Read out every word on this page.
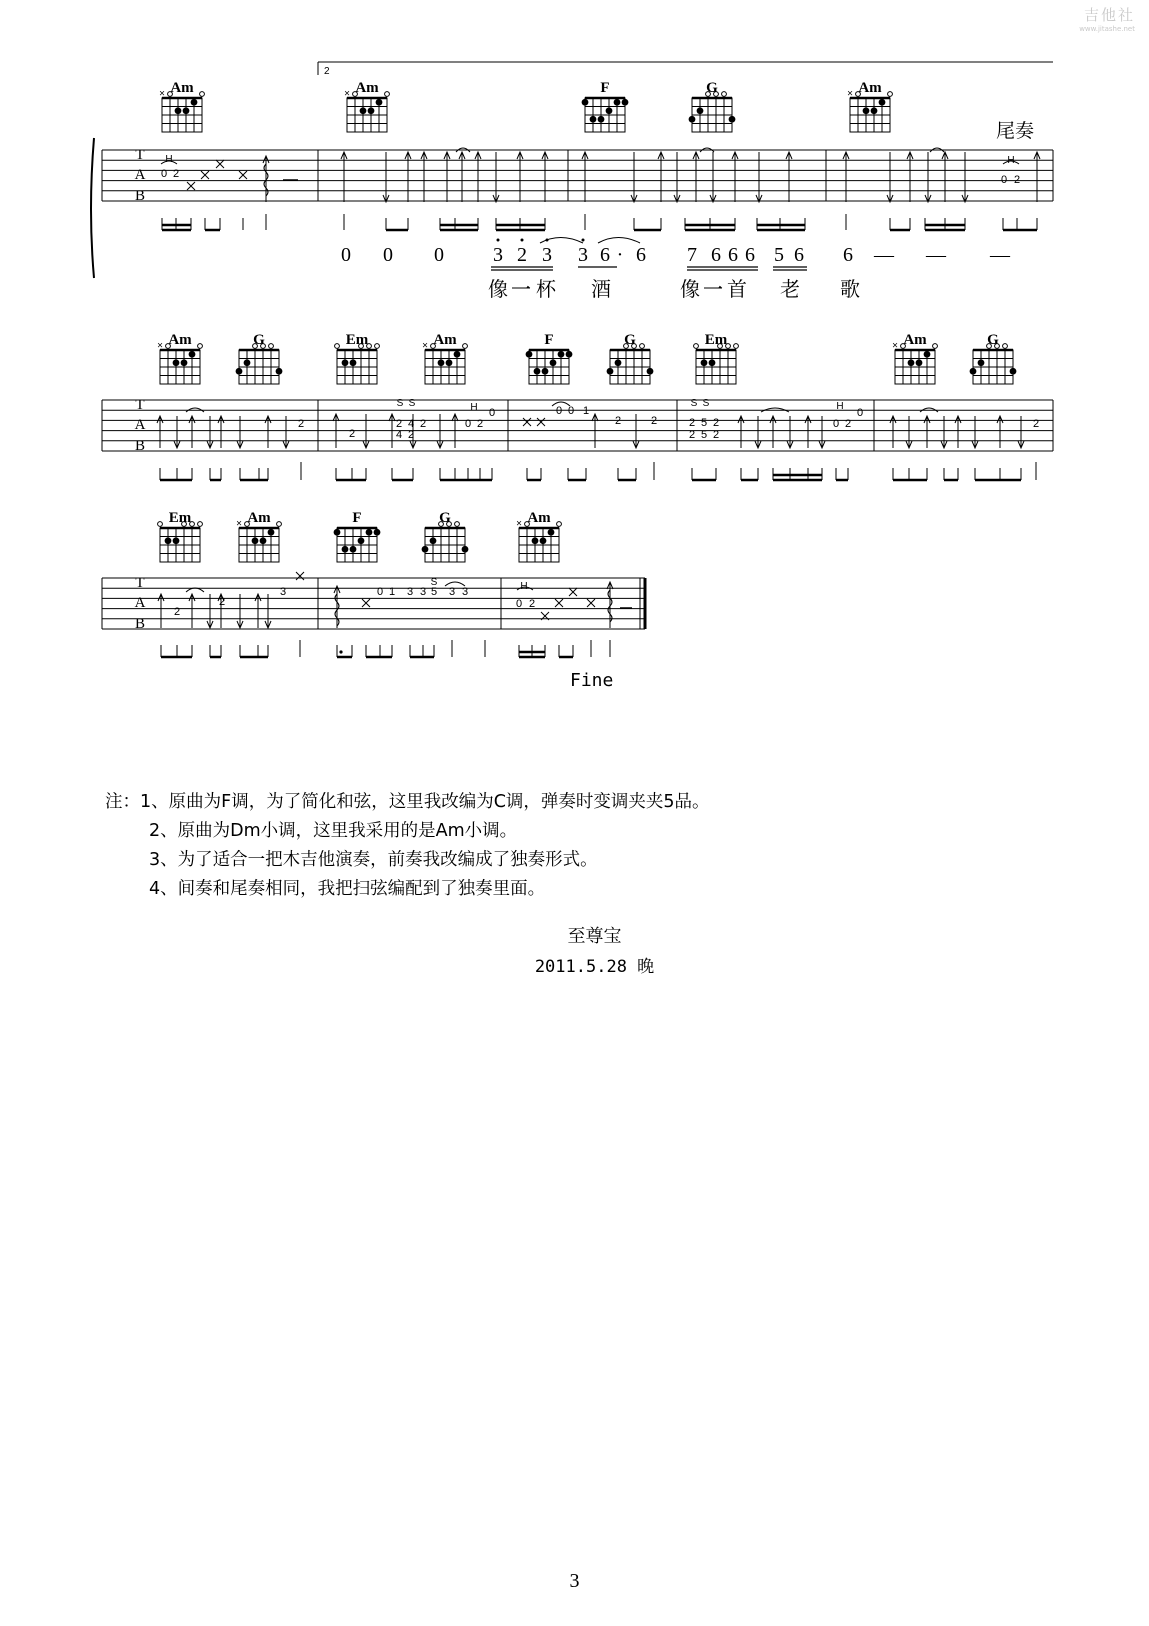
2
T
A
B
Am
×	Am
×	F	G	Am
×
H
0 2
H
0 2
0 0 0 3 2 3 3 6 · 6 7 6 6 6 5 6 6 — — —
像 一 杯 酒	像 一 首 老 歌
T
A
B
Am
×	G	Em	Am
×	F	G	Em	Am
×	G
2
2
S S
2
4
4
2
2
H
0 2
0	0 0 1
2	2
S S
2 5 2
2 5 2
H
0 2
0
2
T
A
B
Em	Am
×	F	G	Am
×
2
2
3	0 1 3 3
S
5 3 3	H
0 2
吉他社
www.jitashe.net
尾奏
Fine
注：1、原曲为F调，为了简化和弦，这里我改编为C调，弹奏时变调夹夹5品。
2、原曲为Dm小调，这里我采用的是Am小调。
3、为了适合一把木吉他演奏，前奏我改编成了独奏形式。
4、间奏和尾奏相同，我把扫弦编配到了独奏里面。
至尊宝
2011.5.28 晚
3
